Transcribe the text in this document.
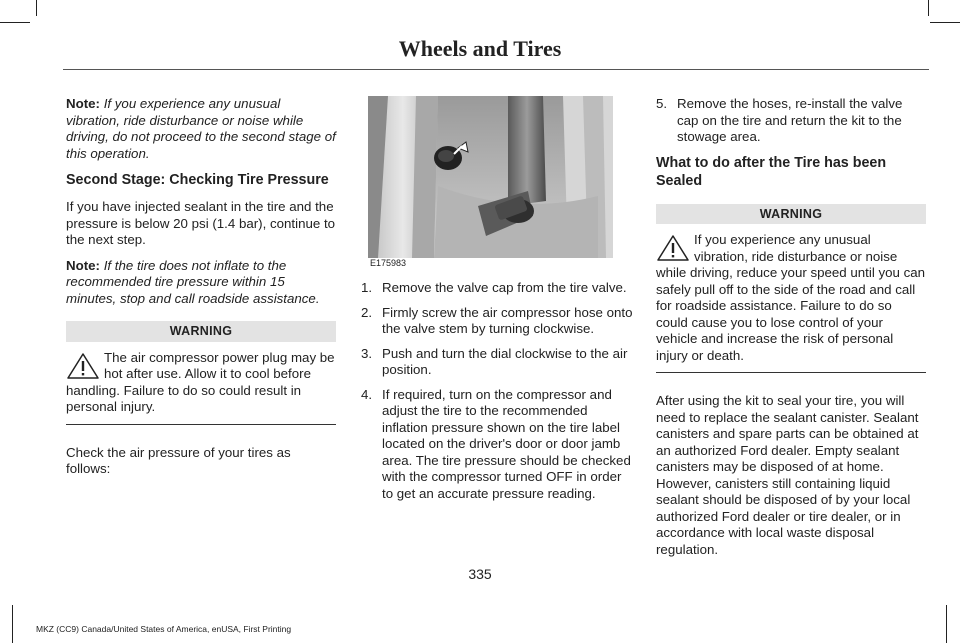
Wheels and Tires

Note: If you experience any unusual vibration, ride disturbance or noise while driving, do not proceed to the second stage of this operation.

Second Stage: Checking Tire Pressure

If you have injected sealant in the tire and the pressure is below 20 psi (1.4 bar), continue to the next step.

Note: If the tire does not inflate to the recommended tire pressure within 15 minutes, stop and call roadside assistance.

WARNING
The air compressor power plug may be hot after use. Allow it to cool before handling. Failure to do so could result in personal injury.

Check the air pressure of your tires as follows:

E175983
1. Remove the valve cap from the tire valve.
2. Firmly screw the air compressor hose onto the valve stem by turning clockwise.
3. Push and turn the dial clockwise to the air position.
4. If required, turn on the compressor and adjust the tire to the recommended inflation pressure shown on the tire label located on the driver's door or door jamb area. The tire pressure should be checked with the compressor turned OFF in order to get an accurate pressure reading.
5. Remove the hoses, re-install the valve cap on the tire and return the kit to the stowage area.
What to do after the Tire has been Sealed
WARNING
If you experience any unusual vibration, ride disturbance or noise while driving, reduce your speed until you can safely pull off to the side of the road and call for roadside assistance. Failure to do so could cause you to lose control of your vehicle and increase the risk of personal injury or death.

After using the kit to seal your tire, you will need to replace the sealant canister. Sealant canisters and spare parts can be obtained at an authorized Ford dealer. Empty sealant canisters may be disposed of at home. However, canisters still containing liquid sealant should be disposed of by your local authorized Ford dealer or tire dealer, or in accordance with local waste disposal regulation.

335
MKZ (CC9) Canada/United States of America, enUSA, First Printing
